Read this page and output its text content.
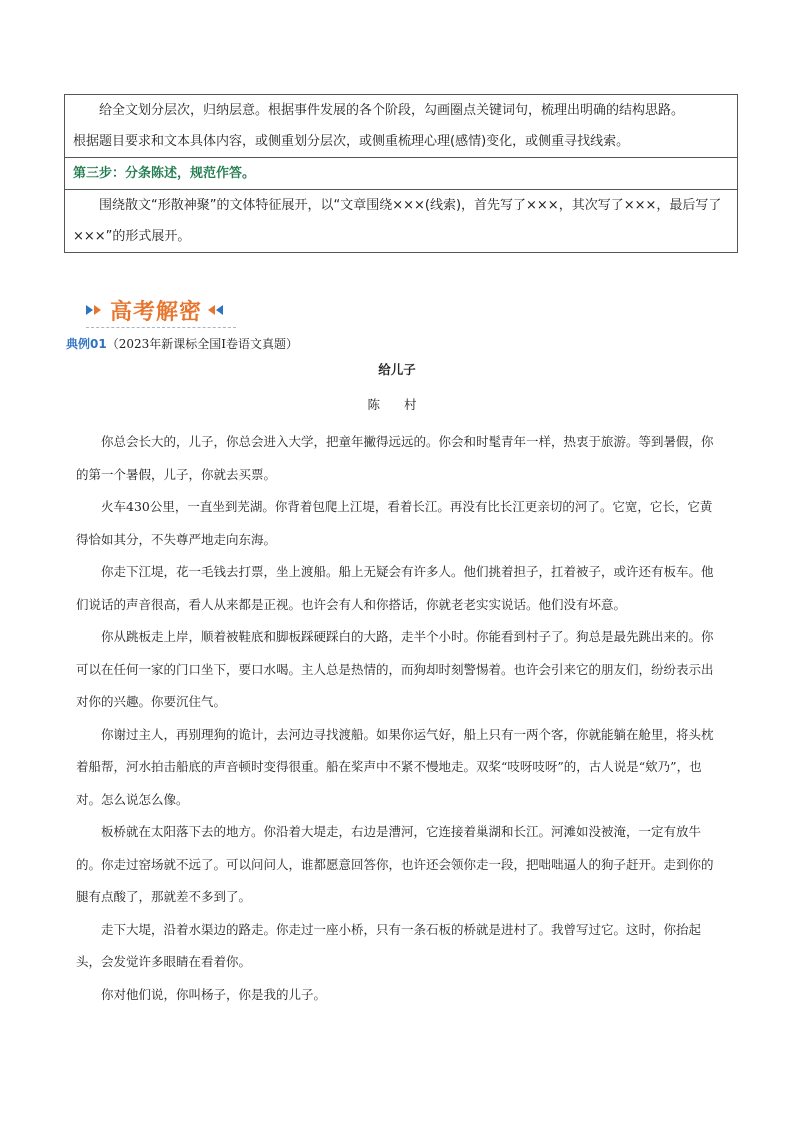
给全文划分层次，归纳层意。根据事件发展的各个阶段，勾画圈点关键词句，梳理出明确的结构思路。
根据题目要求和文本具体内容，或侧重划分层次，或侧重梳理心理(感情)变化，或侧重寻找线索。
第三步：分条陈述，规范作答。
围绕散文“形散神聚”的文体特征展开，以“文章围绕×××(线索)，首先写了×××，其次写了×××，最后写了×××”的形式展开。
高考解密
典例01（2023年新课标全国Ⅰ卷语文真题）
给儿子
陈 村

你总会长大的，儿子，你总会进入大学，把童年撇得远远的。你会和时髦青年一样，热衷于旅游。等到暑假，你的第一个暑假，儿子，你就去买票。

火车430公里，一直坐到芜湖。你背着包爬上江堤，看着长江。再没有比长江更亲切的河了。它宽，它长，它黄得恰如其分，不失尊严地走向东海。

你走下江堤，花一毛钱去打票，坐上渡船。船上无疑会有许多人。他们挑着担子，扛着被子，或许还有板车。他们说话的声音很高，看人从来都是正视。也许会有人和你搭话，你就老老实实说话。他们没有坏意。

你从跳板走上岸，顺着被鞋底和脚板踩硬踩白的大路，走半个小时。你能看到村子了。狗总是最先跳出来的。你可以在任何一家的门口坐下，要口水喝。主人总是热情的，而狗却时刻警惕着。也许会引来它的朋友们，纷纷表示出对你的兴趣。你要沉住气。

你谢过主人，再别理狗的诡计，去河边寻找渡船。如果你运气好，船上只有一两个客，你就能躺在舱里，将头枕着船帮，河水拍击船底的声音顿时变得很重。船在桨声中不紧不慢地走。双桨“吱呀吱呀”的，古人说是“欸乃”，也对。怎么说怎么像。

板桥就在太阳落下去的地方。你沿着大堤走，右边是漕河，它连接着巢湖和长江。河滩如没被淹，一定有放牛的。你走过窑场就不远了。可以问问人，谁都愿意回答你，也许还会领你走一段，把咄咄逼人的狗子赶开。走到你的腿有点酸了，那就差不多到了。

走下大堤，沿着水渠边的路走。你走过一座小桥，只有一条石板的桥就是进村了。我曾写过它。这时，你抬起头，会发觉许多眼睛在看着你。

你对他们说，你叫杨子，你是我的儿子。
